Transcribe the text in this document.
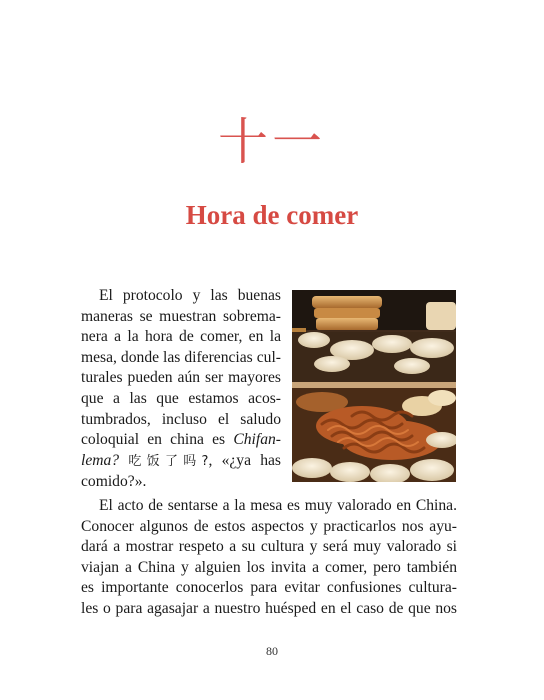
十一
Hora de comer
El protocolo y las buenas
maneras se muestran sobrema-
nera a la hora de comer, en la
mesa, donde las diferencias cul-
turales pueden aún ser mayores
que a las que estamos acos-
tumbrados, incluso el saludo
coloquial en china es Chifan-
lema? 吃饭了吗?, «¿ya has
comido?».
El acto de sentarse a la mesa es muy valorado en China.
Conocer algunos de estos aspectos y practicarlos nos ayu-
dará a mostrar respeto a su cultura y será muy valorado si
viajan a China y alguien los invita a comer, pero también
es importante conocerlos para evitar confusiones cultura-
les o para agasajar a nuestro huésped en el caso de que nos
80
